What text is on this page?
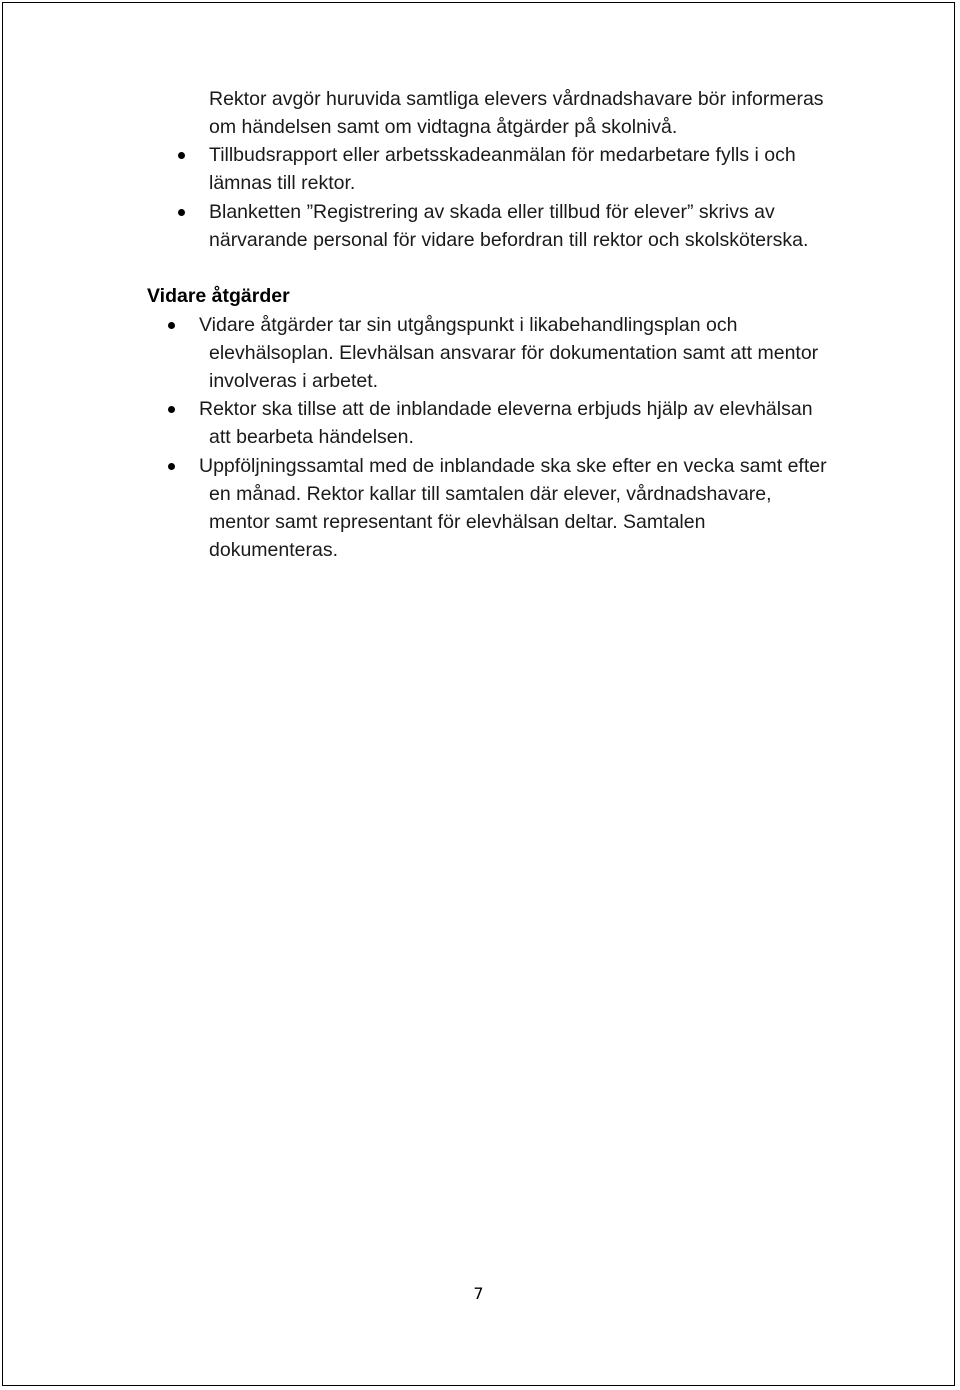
Rektor avgör huruvida samtliga elevers vårdnadshavare bör informeras
om händelsen samt om vidtagna åtgärder på skolnivå.
Tillbudsrapport eller arbetsskadeanmälan för medarbetare fylls i och
lämnas till rektor.
Blanketten ”Registrering av skada eller tillbud för elever” skrivs av
närvarande personal för vidare befordran till rektor och skolsköterska.
Vidare åtgärder
Vidare åtgärder tar sin utgångspunkt i likabehandlingsplan och
elevhälsoplan. Elevhälsan ansvarar för dokumentation samt att mentor
involveras i arbetet.
Rektor ska tillse att de inblandade eleverna erbjuds hjälp av elevhälsan
att bearbeta händelsen.
Uppföljningssamtal med de inblandade ska ske efter en vecka samt efter
en månad. Rektor kallar till samtalen där elever, vårdnadshavare,
mentor samt representant för elevhälsan deltar. Samtalen
dokumenteras.
7
